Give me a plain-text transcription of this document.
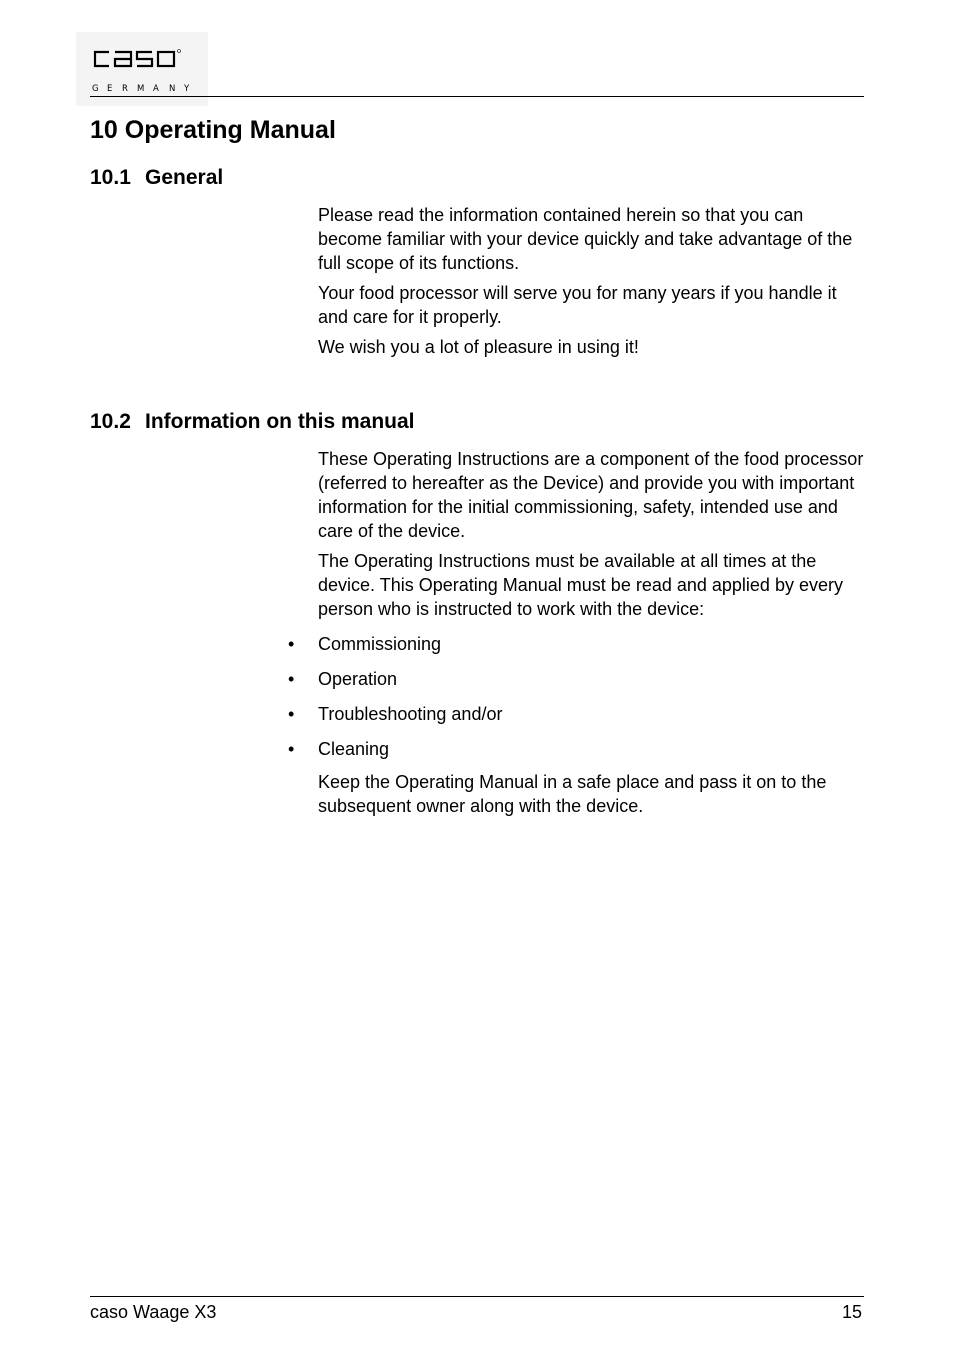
G E R M A N Y
10 Operating Manual
10.1 General

Please read the information contained herein so that you can become familiar with your device quickly and take advantage of the full scope of its functions.

Your food processor will serve you for many years if you handle it and care for it properly.

We wish you a lot of pleasure in using it!

10.2 Information on this manual

These Operating Instructions are a component of the food processor (referred to hereafter as the Device) and provide you with important information for the initial commissioning, safety, intended use and care of the device.

The Operating Instructions must be available at all times at the device. This Operating Manual must be read and applied by every person who is instructed to work with the device:

•	Commissioning
•	Operation
•	Troubleshooting and/or
•	Cleaning

Keep the Operating Manual in a safe place and pass it on to the subsequent owner along with the device.

caso Waage X3	15
